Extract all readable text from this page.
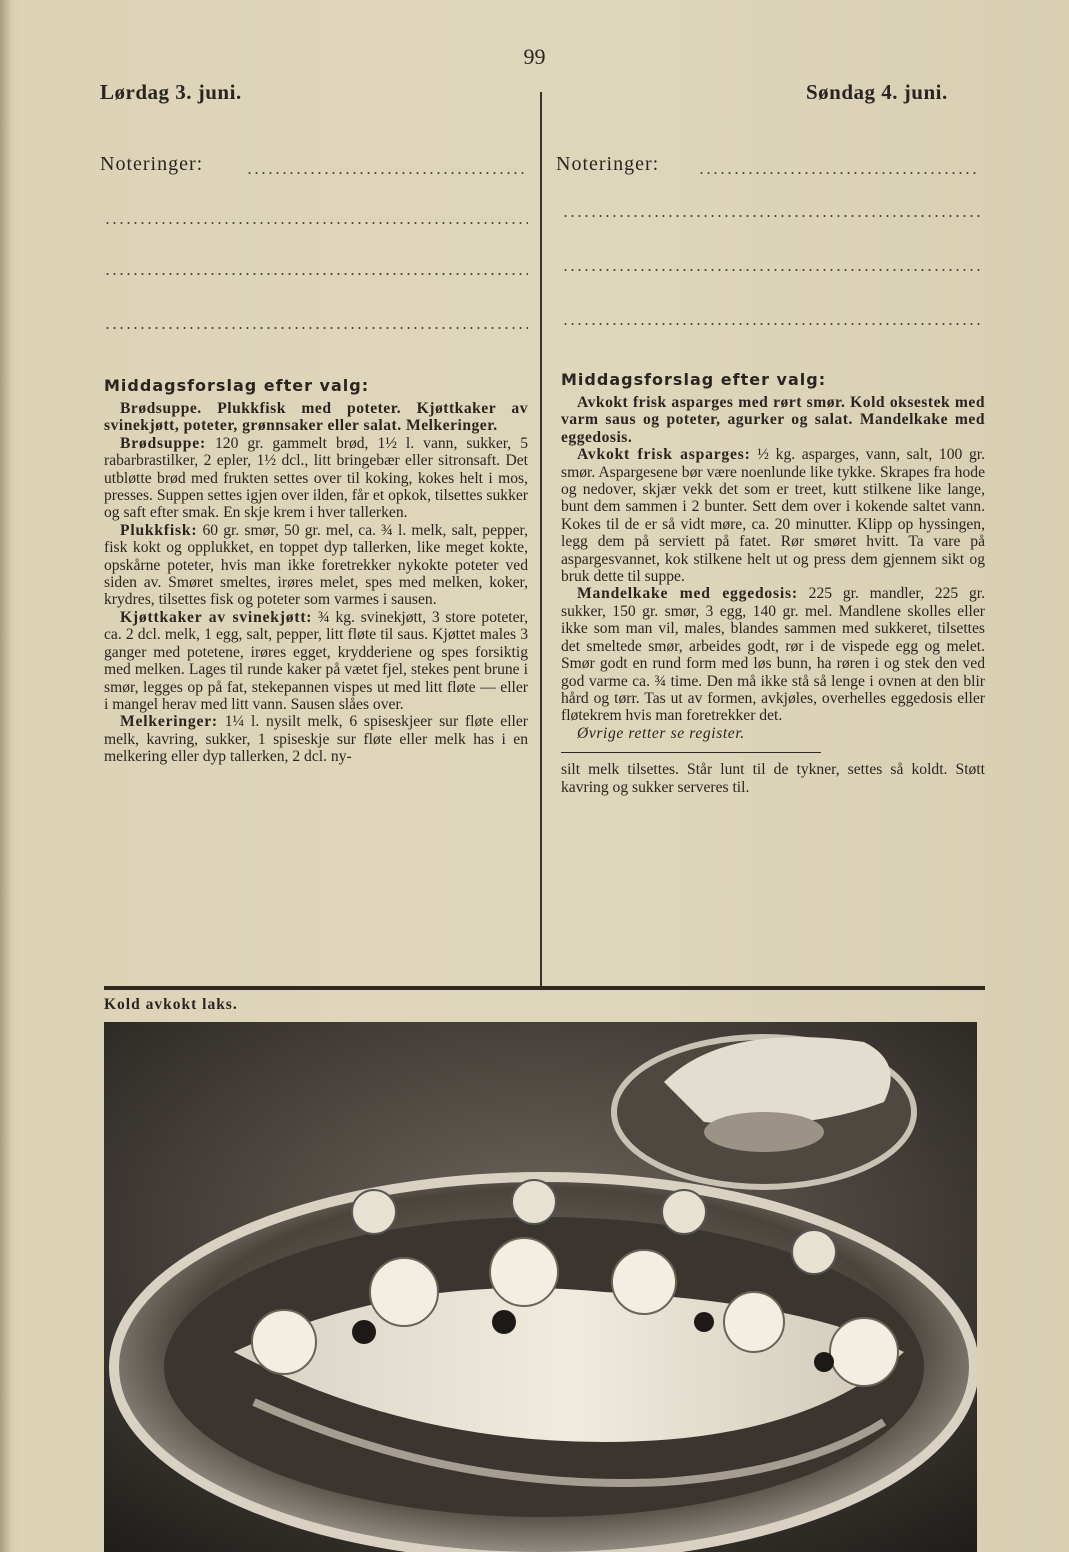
99
Lørdag 3. juni.	Søndag 4. juni.
Noteringer:	Noteringer:
Middagsforslag efter valg:	Middagsforslag efter valg:

Brødsuppe. Plukkfisk med poteter. Kjøttkaker av svinekjøtt, poteter, grønnsaker eller salat. Melkeringer.

Brødsuppe: 120 gr. gammelt brød, 1½ l. vann, sukker, 5 rabarbrastilker, 2 epler, 1½ dcl., litt bringebær eller sitronsaft. Det utbløtte brød med frukten settes over til koking, kokes helt i mos, presses. Suppen settes igjen over ilden, får et opkok, tilsettes sukker og saft efter smak. En skje krem i hver tallerken.

Plukkfisk: 60 gr. smør, 50 gr. mel, ca. ¾ l. melk, salt, pepper, fisk kokt og opplukket, en toppet dyp tallerken, like meget kokte, opskårne poteter, hvis man ikke foretrekker nykokte poteter ved siden av. Smøret smeltes, irøres melet, spes med melken, koker, krydres, tilsettes fisk og poteter som varmes i sausen.

Kjøttkaker av svinekjøtt: ¾ kg. svinekjøtt, 3 store poteter, ca. 2 dcl. melk, 1 egg, salt, pepper, litt fløte til saus. Kjøttet males 3 ganger med potetene, irøres egget, krydderiene og spes forsiktig med melken. Lages til runde kaker på vætet fjel, stekes pent brune i smør, legges op på fat, stekepannen vispes ut med litt fløte — eller i mangel herav med litt vann. Sausen slåes over.

Melkeringer: 1¼ l. nysilt melk, 6 spiseskjeer sur fløte eller melk, kavring, sukker, 1 spiseskje sur fløte eller melk has i en melkering eller dyp tallerken, 2 dcl. ny-

Avkokt frisk asparges med rørt smør. Kold oksestek med varm saus og poteter, agurker og salat. Mandelkake med eggedosis.

Avkokt frisk asparges: ½ kg. asparges, vann, salt, 100 gr. smør. Aspargesene bør være noenlunde like tykke. Skrapes fra hode og nedover, skjær vekk det som er treet, kutt stilkene like lange, bunt dem sammen i 2 bunter. Sett dem over i kokende saltet vann. Kokes til de er så vidt møre, ca. 20 minutter. Klipp op hyssingen, legg dem på serviett på fatet. Rør smøret hvitt. Ta vare på aspargesvannet, kok stilkene helt ut og press dem gjennem sikt og bruk dette til suppe.

Mandelkake med eggedosis: 225 gr. mandler, 225 gr. sukker, 150 gr. smør, 3 egg, 140 gr. mel. Mandlene skolles eller ikke som man vil, males, blandes sammen med sukkeret, tilsettes det smeltede smør, arbeides godt, rør i de vispede egg og melet. Smør godt en rund form med løs bunn, ha røren i og stek den ved god varme ca. ¾ time. Den må ikke stå så lenge i ovnen at den blir hård og tørr. Tas ut av formen, avkjøles, overhelles eggedosis eller fløtekrem hvis man foretrekker det.

Øvrige retter se register.

silt melk tilsettes. Står lunt til de tykner, settes så koldt. Støtt kavring og sukker serveres til.

Kold avkokt laks.
